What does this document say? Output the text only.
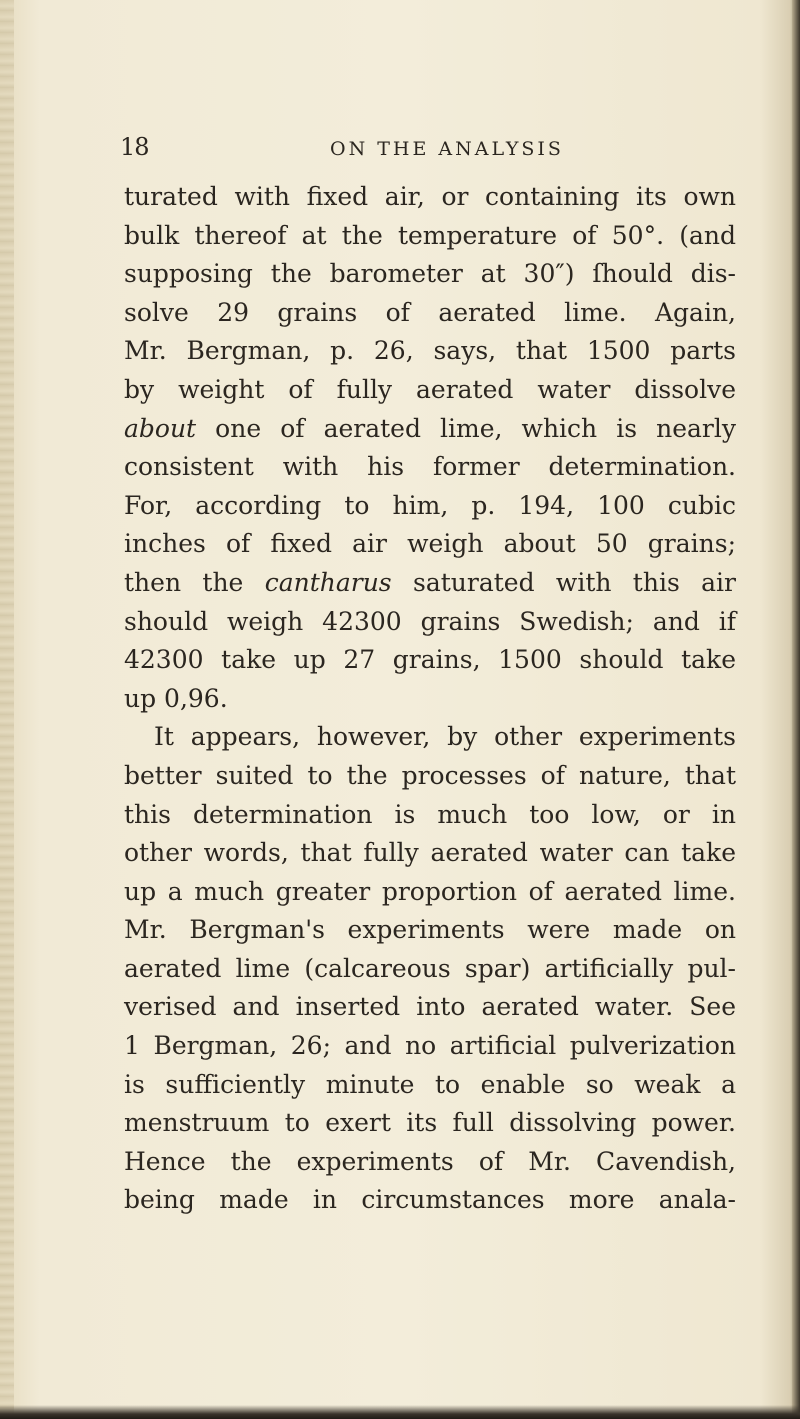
18	ON THE ANALYSIS
turated with fixed air, or containing its own
bulk thereof at the temperature of 50°. (and
supposing the barometer at 30″) ſhould dis-
solve 29 grains of aerated lime. Again,
Mr. Bergman, p. 26, says, that 1500 parts
by weight of fully aerated water dissolve
about one of aerated lime, which is nearly
consistent with his former determination.
For, according to him, p. 194, 100 cubic
inches of fixed air weigh about 50 grains;
then the cantharus saturated with this air
should weigh 42300 grains Swedish; and if
42300 take up 27 grains, 1500 should take
up 0,96.
It appears, however, by other experiments
better suited to the processes of nature, that
this determination is much too low, or in
other words, that fully aerated water can take
up a much greater proportion of aerated lime.
Mr. Bergman's experiments were made on
aerated lime (calcareous spar) artificially pul-
verised and inserted into aerated water. See
1 Bergman, 26; and no artificial pulverization
is sufficiently minute to enable so weak a
menstruum to exert its full dissolving power.
Hence the experiments of Mr. Cavendish,
being made in circumstances more anala-
